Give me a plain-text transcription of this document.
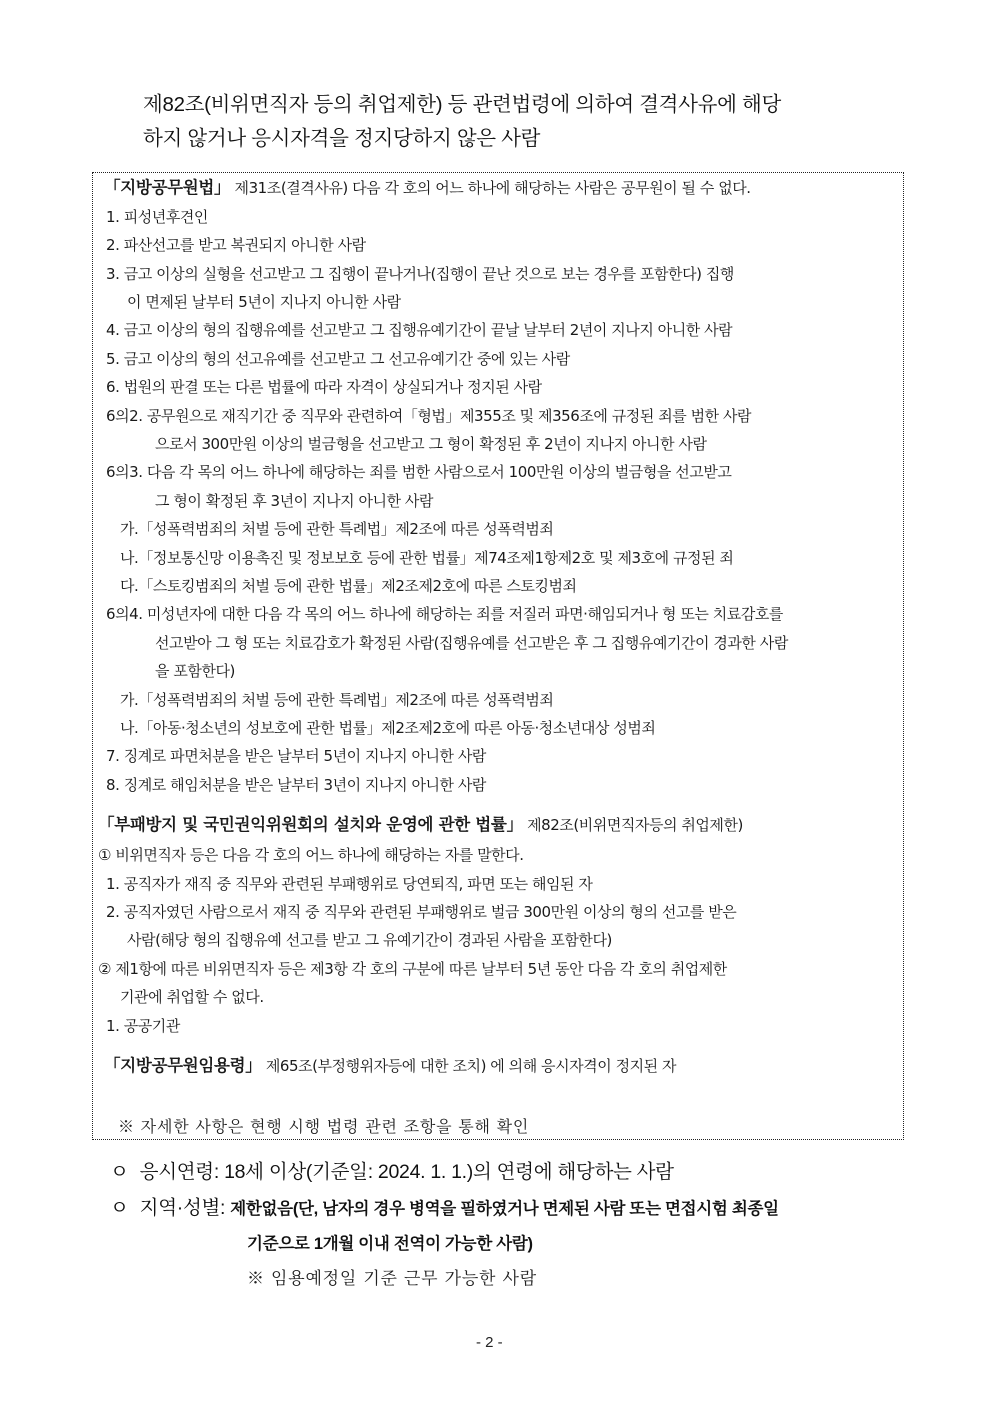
제82조(비위면직자 등의 취업제한) 등 관련법령에 의하여 결격사유에 해당
하지 않거나 응시자격을 정지당하지 않은 사람
「지방공무원법」 제31조(결격사유) 다음 각 호의 어느 하나에 해당하는 사람은 공무원이 될 수 없다.
1. 피성년후견인
2. 파산선고를 받고 복권되지 아니한 사람
3. 금고 이상의 실형을 선고받고 그 집행이 끝나거나(집행이 끝난 것으로 보는 경우를 포함한다) 집행
이 면제된 날부터 5년이 지나지 아니한 사람
4. 금고 이상의 형의 집행유예를 선고받고 그 집행유예기간이 끝날 날부터 2년이 지나지 아니한 사람
5. 금고 이상의 형의 선고유예를 선고받고 그 선고유예기간 중에 있는 사람
6. 법원의 판결 또는 다른 법률에 따라 자격이 상실되거나 정지된 사람
6의2. 공무원으로 재직기간 중 직무와 관련하여「형법」제355조 및 제356조에 규정된 죄를 범한 사람
으로서 300만원 이상의 벌금형을 선고받고 그 형이 확정된 후 2년이 지나지 아니한 사람
6의3. 다음 각 목의 어느 하나에 해당하는 죄를 범한 사람으로서 100만원 이상의 벌금형을 선고받고
그 형이 확정된 후 3년이 지나지 아니한 사람
가.「성폭력범죄의 처벌 등에 관한 특례법」제2조에 따른 성폭력범죄
나.「정보통신망 이용촉진 및 정보보호 등에 관한 법률」제74조제1항제2호 및 제3호에 규정된 죄
다.「스토킹범죄의 처벌 등에 관한 법률」제2조제2호에 따른 스토킹범죄
6의4. 미성년자에 대한 다음 각 목의 어느 하나에 해당하는 죄를 저질러 파면·해임되거나 형 또는 치료감호를
선고받아 그 형 또는 치료감호가 확정된 사람(집행유예를 선고받은 후 그 집행유예기간이 경과한 사람
을 포함한다)
가.「성폭력범죄의 처벌 등에 관한 특례법」제2조에 따른 성폭력범죄
나.「아동·청소년의 성보호에 관한 법률」제2조제2호에 따른 아동·청소년대상 성범죄
7. 징계로 파면처분을 받은 날부터 5년이 지나지 아니한 사람
8. 징계로 해임처분을 받은 날부터 3년이 지나지 아니한 사람
「부패방지 및 국민권익위원회의 설치와 운영에 관한 법률」 제82조(비위면직자등의 취업제한)
① 비위면직자 등은 다음 각 호의 어느 하나에 해당하는 자를 말한다.
1. 공직자가 재직 중 직무와 관련된 부패행위로 당연퇴직, 파면 또는 해임된 자
2. 공직자였던 사람으로서 재직 중 직무와 관련된 부패행위로 벌금 300만원 이상의 형의 선고를 받은
사람(해당 형의 집행유예 선고를 받고 그 유예기간이 경과된 사람을 포함한다)
② 제1항에 따른 비위면직자 등은 제3항 각 호의 구분에 따른 날부터 5년 동안 다음 각 호의 취업제한
기관에 취업할 수 없다.
1. 공공기관
「지방공무원임용령」 제65조(부정행위자등에 대한 조치) 에 의해 응시자격이 정지된 자
※ 자세한 사항은 현행 시행 법령 관련 조항을 통해 확인
ㅇ 응시연령: 18세 이상(기준일: 2024. 1. 1.)의 연령에 해당하는 사람
ㅇ 지역·성별: 제한없음(단, 남자의 경우 병역을 필하였거나 면제된 사람 또는 면접시험 최종일
기준으로 1개월 이내 전역이 가능한 사람)
※ 임용예정일 기준 근무 가능한 사람
- 2 -
